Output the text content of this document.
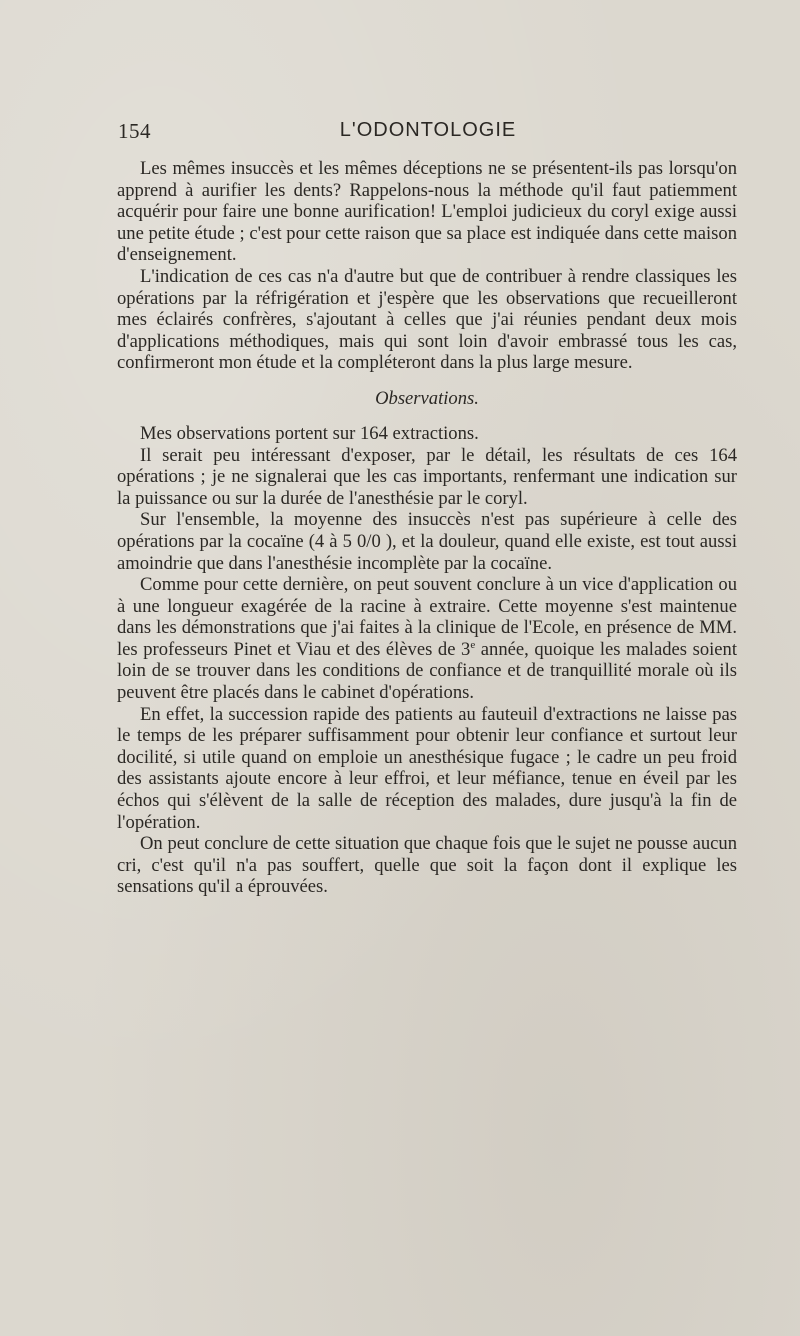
154	L'ODONTOLOGIE

Les mêmes insuccès et les mêmes déceptions ne se présentent-ils pas lorsqu'on apprend à aurifier les dents? Rappelons-nous la méthode qu'il faut patiemment acquérir pour faire une bonne aurification! L'emploi judicieux du coryl exige aussi une petite étude ; c'est pour cette raison que sa place est indiquée dans cette maison d'enseignement.

L'indication de ces cas n'a d'autre but que de contribuer à rendre classiques les opérations par la réfrigération et j'espère que les observations que recueilleront mes éclairés confrères, s'ajoutant à celles que j'ai réunies pendant deux mois d'applications méthodiques, mais qui sont loin d'avoir embrassé tous les cas, confirmeront mon étude et la compléteront dans la plus large mesure.

Observations.

Mes observations portent sur 164 extractions.

Il serait peu intéressant d'exposer, par le détail, les résultats de ces 164 opérations ; je ne signalerai que les cas importants, renfermant une indication sur la puissance ou sur la durée de l'anesthésie par le coryl.

Sur l'ensemble, la moyenne des insuccès n'est pas supérieure à celle des opérations par la cocaïne (4 à 5 0/0 ), et la douleur, quand elle existe, est tout aussi amoindrie que dans l'anesthésie incomplète par la cocaïne.

Comme pour cette dernière, on peut souvent conclure à un vice d'application ou à une longueur exagérée de la racine à extraire. Cette moyenne s'est maintenue dans les démonstrations que j'ai faites à la clinique de l'Ecole, en présence de MM. les professeurs Pinet et Viau et des élèves de 3e année, quoique les malades soient loin de se trouver dans les conditions de confiance et de tranquillité morale où ils peuvent être placés dans le cabinet d'opérations.

En effet, la succession rapide des patients au fauteuil d'extractions ne laisse pas le temps de les préparer suffisamment pour obtenir leur confiance et surtout leur docilité, si utile quand on emploie un anesthésique fugace ; le cadre un peu froid des assistants ajoute encore à leur effroi, et leur méfiance, tenue en éveil par les échos qui s'élèvent de la salle de réception des malades, dure jusqu'à la fin de l'opération.

On peut conclure de cette situation que chaque fois que le sujet ne pousse aucun cri, c'est qu'il n'a pas souffert, quelle que soit la façon dont il explique les sensations qu'il a éprouvées.
